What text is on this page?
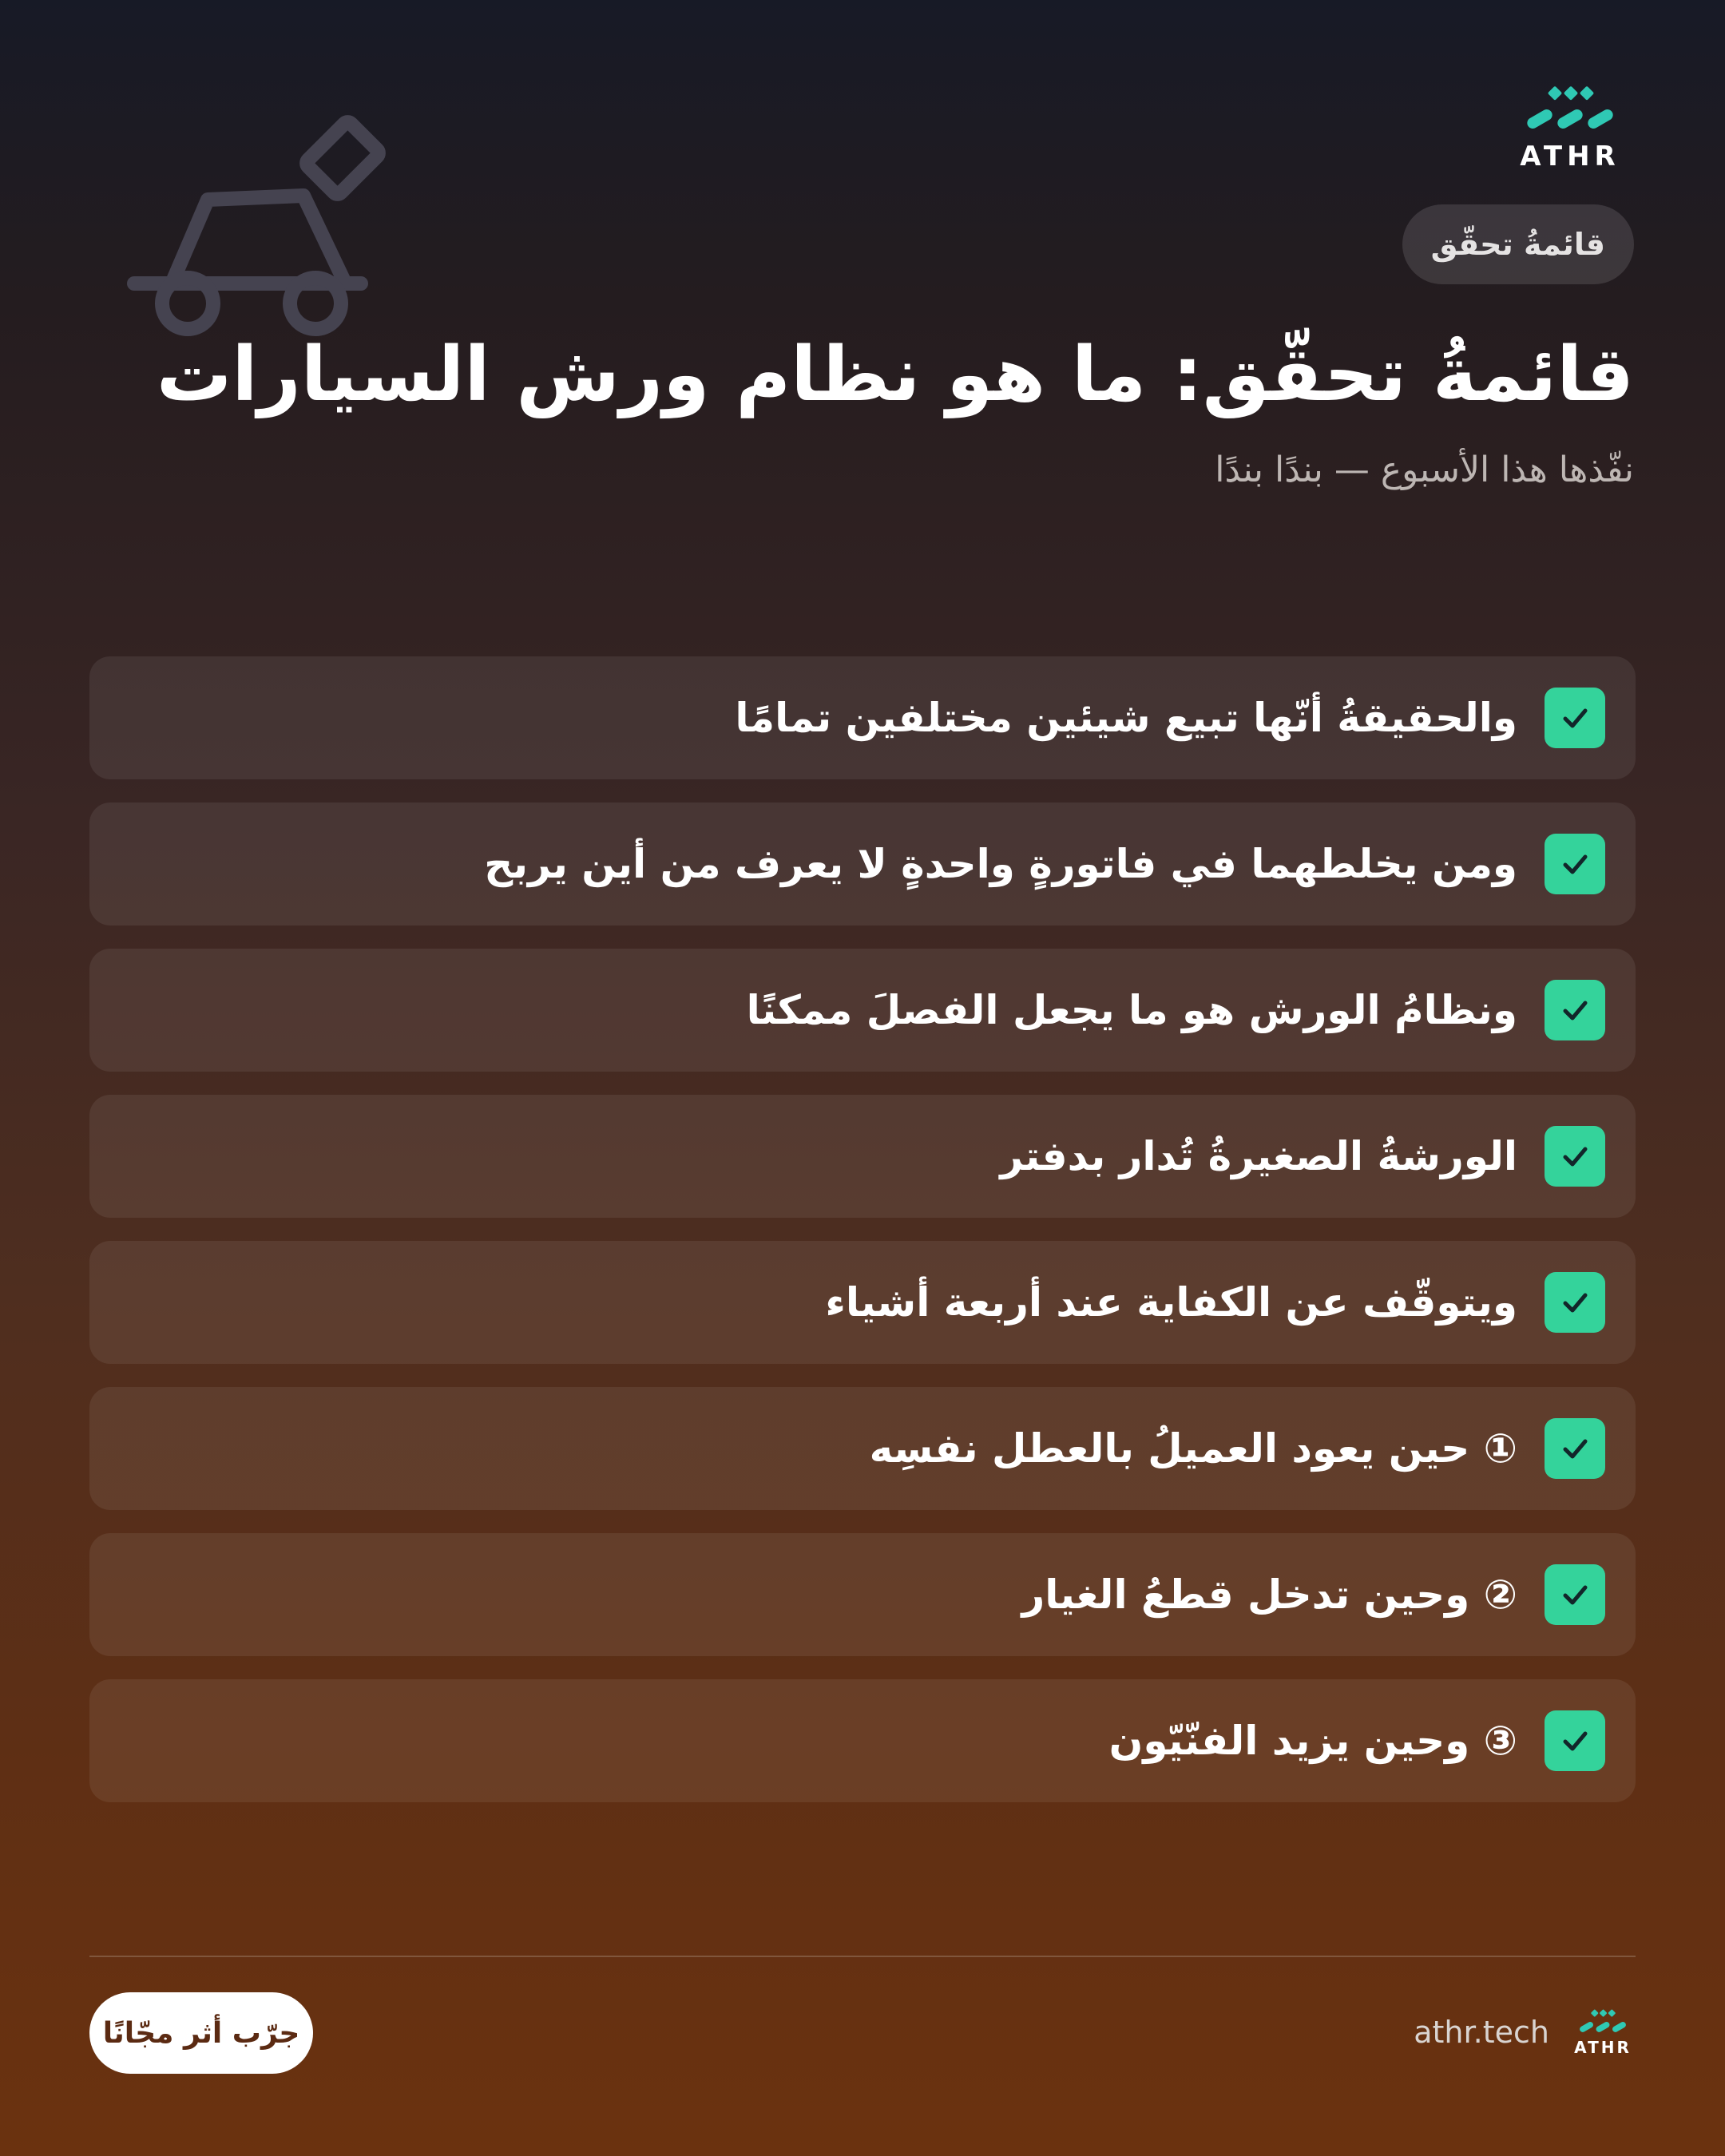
ATHR
قائمةُ تحقّق
قائمةُ تحقّق: ما هو نظام ورش السيارات
نفّذها هذا الأسبوع — بندًا بندًا
والحقيقةُ أنّها تبيع شيئين مختلفين تمامًا
ومن يخلطهما في فاتورةٍ واحدةٍ لا يعرف من أين يربح
ونظامُ الورش هو ما يجعل الفصلَ ممكنًا
الورشةُ الصغيرةُ تُدار بدفتر
ويتوقّف عن الكفاية عند أربعة أشياء
① حين يعود العميلُ بالعطل نفسِه
② وحين تدخل قطعُ الغيار
③ وحين يزيد الفنّيّون
جرّب أثر مجّانًا	ATHR
athr.tech
